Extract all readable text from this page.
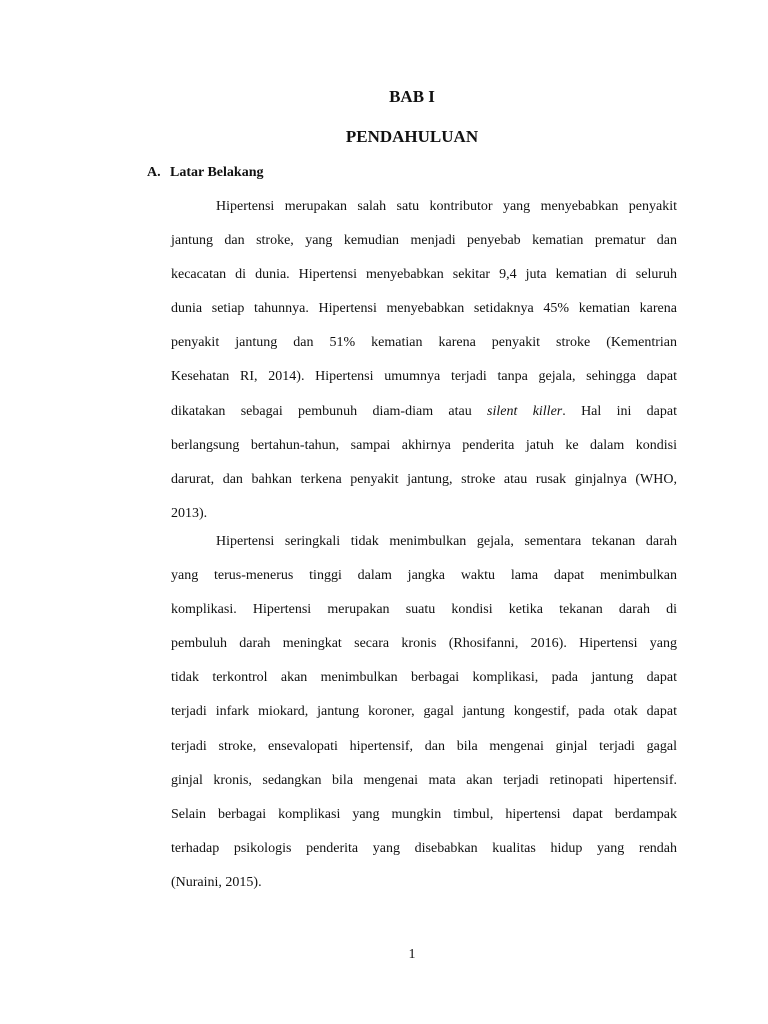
BAB I
PENDAHULUAN
A. Latar Belakang
Hipertensi merupakan salah satu kontributor yang menyebabkan penyakit
jantung dan stroke, yang kemudian menjadi penyebab kematian prematur dan
kecacatan di dunia. Hipertensi menyebabkan sekitar 9,4 juta kematian di seluruh
dunia setiap tahunnya. Hipertensi menyebabkan setidaknya 45% kematian karena
penyakit jantung dan 51% kematian karena penyakit stroke (Kementrian
Kesehatan RI, 2014). Hipertensi umumnya terjadi tanpa gejala, sehingga dapat
dikatakan sebagai pembunuh diam-diam atau silent killer. Hal ini dapat
berlangsung bertahun-tahun, sampai akhirnya penderita jatuh ke dalam kondisi
darurat, dan bahkan terkena penyakit jantung, stroke atau rusak ginjalnya (WHO,
2013).
Hipertensi seringkali tidak menimbulkan gejala, sementara tekanan darah
yang terus-menerus tinggi dalam jangka waktu lama dapat menimbulkan
komplikasi. Hipertensi merupakan suatu kondisi ketika tekanan darah di
pembuluh darah meningkat secara kronis (Rhosifanni, 2016). Hipertensi yang
tidak terkontrol akan menimbulkan berbagai komplikasi, pada jantung dapat
terjadi infark miokard, jantung koroner, gagal jantung kongestif, pada otak dapat
terjadi stroke, ensevalopati hipertensif, dan bila mengenai ginjal terjadi gagal
ginjal kronis, sedangkan bila mengenai mata akan terjadi retinopati hipertensif.
Selain berbagai komplikasi yang mungkin timbul, hipertensi dapat berdampak
terhadap psikologis penderita yang disebabkan kualitas hidup yang rendah
(Nuraini, 2015).
1
